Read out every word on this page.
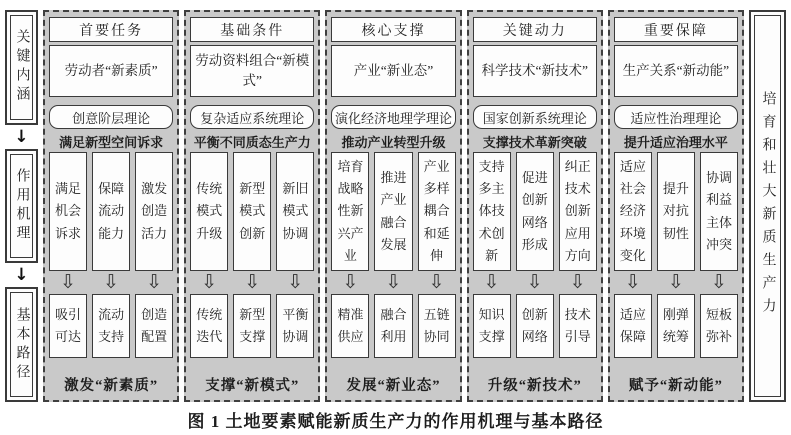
关键内涵
↓
作用机理
↓
基本路径
首要任务
劳动者“新素质”
创意阶层理论
满足新型空间诉求
满足机会诉求
保障流动能力
激发创造活力
⇩	⇩	⇩
吸引可达
流动支持
创造配置
激发“新素质”
基础条件
劳动资料组合“新模式”
复杂适应系统理论
平衡不同质态生产力
传统模式升级
新型模式创新
新旧模式协调
⇩	⇩	⇩
传统迭代
新型支撑
平衡协调
支撑“新模式”
核心支撑
产业“新业态”
演化经济地理学理论
推动产业转型升级
培育战略性新兴产业
推进产业融合发展
产业多样耦合和延伸
⇩	⇩	⇩
精准供应
融合利用
五链协同
发展“新业态”
关键动力
科学技术“新技术”
国家创新系统理论
支撑技术革新突破
支持多主体技术创新
促进创新网络形成
纠正技术创新应用方向
⇩	⇩	⇩
知识支撑
创新网络
技术引导
升级“新技术”
重要保障
生产关系“新动能”
适应性治理理论
提升适应治理水平
适应社会经济环境变化
提升对抗韧性
协调利益主体冲突
⇩	⇩	⇩
适应保障
刚弹统筹
短板弥补
赋予“新动能”
培育和壮大新质生产力
图 1 土地要素赋能新质生产力的作用机理与基本路径
